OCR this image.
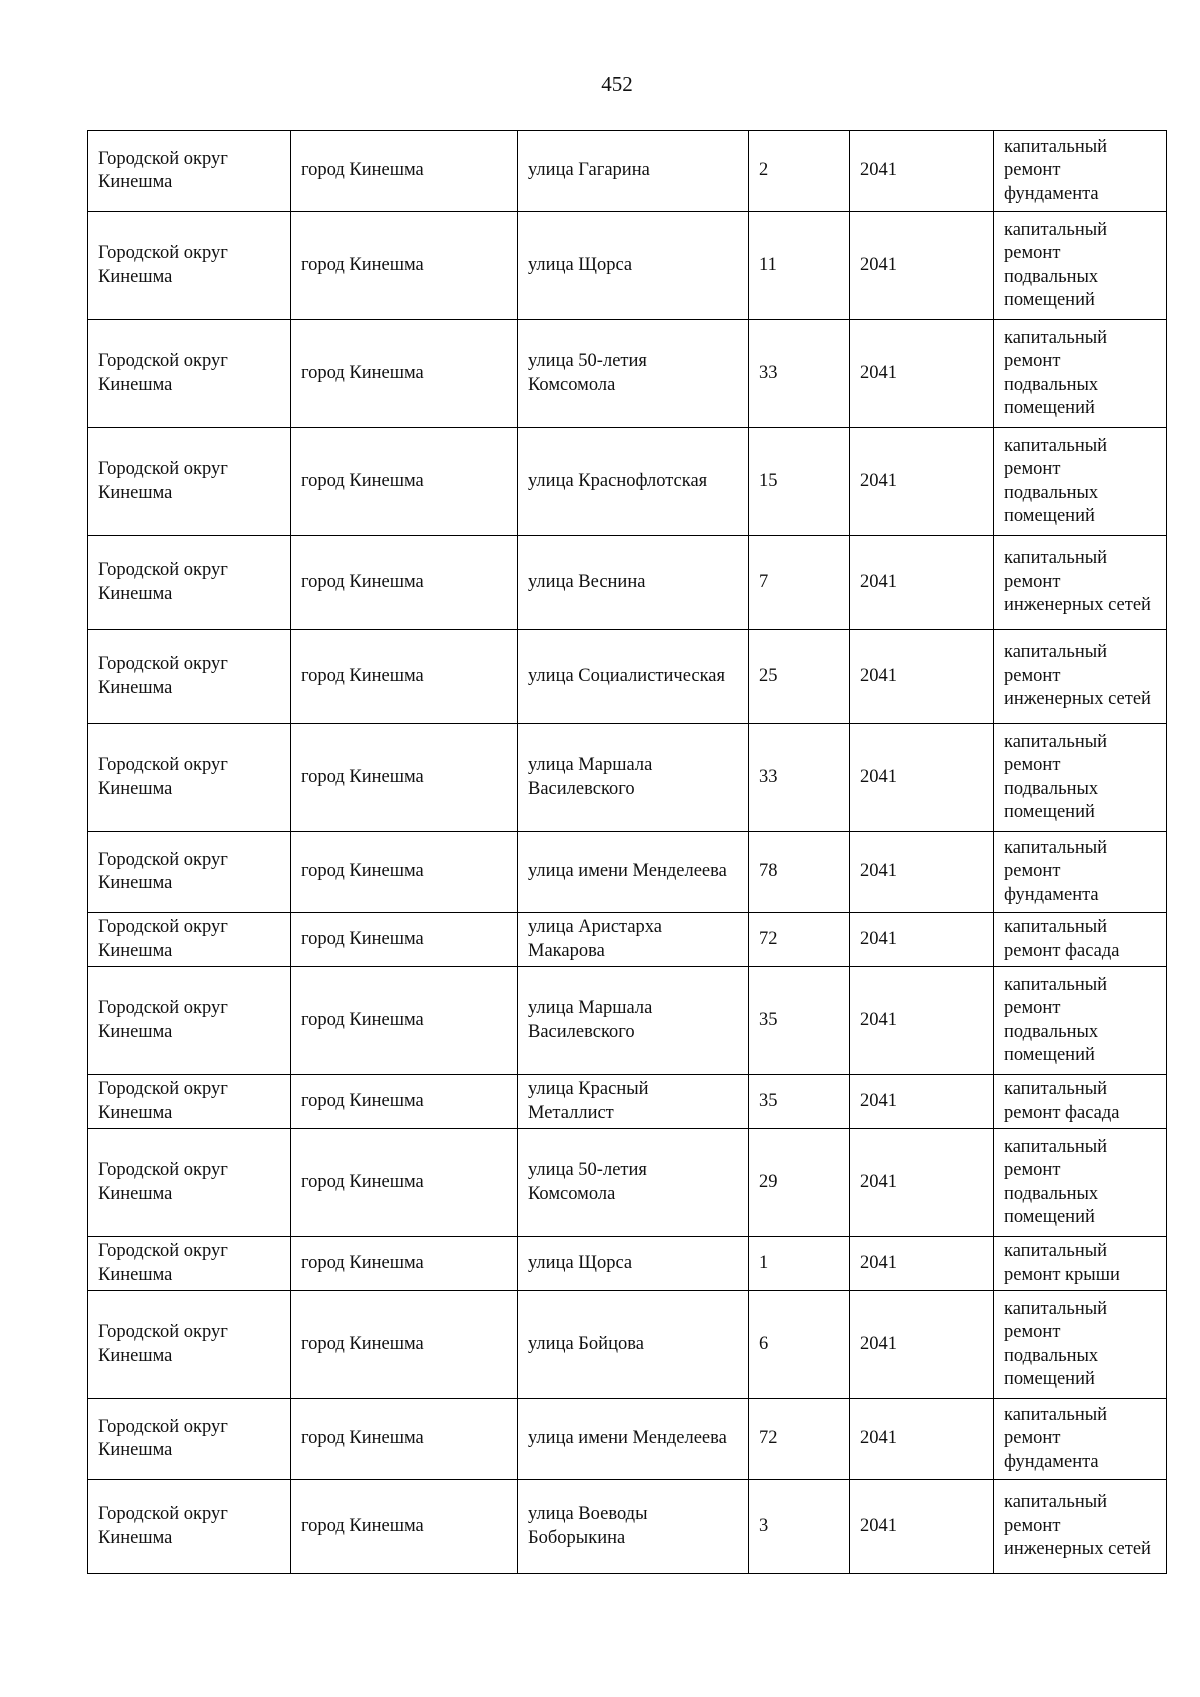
452
Городской округ Кинешма	город Кинешма	улица Гагарина	2	2041	капитальный ремонт фундамента
Городской округ Кинешма	город Кинешма	улица Щорса	11	2041	капитальный ремонт подвальных помещений
Городской округ Кинешма	город Кинешма	улица 50-летия Комсомола	33	2041	капитальный ремонт подвальных помещений
Городской округ Кинешма	город Кинешма	улица Краснофлотская	15	2041	капитальный ремонт подвальных помещений
Городской округ Кинешма	город Кинешма	улица Веснина	7	2041	капитальный ремонт инженерных сетей
Городской округ Кинешма	город Кинешма	улица Социалистическая	25	2041	капитальный ремонт инженерных сетей
Городской округ Кинешма	город Кинешма	улица Маршала Василевского	33	2041	капитальный ремонт подвальных помещений
Городской округ Кинешма	город Кинешма	улица имени Менделеева	78	2041	капитальный ремонт фундамента
Городской округ Кинешма	город Кинешма	улица Аристарха Макарова	72	2041	капитальный ремонт фасада
Городской округ Кинешма	город Кинешма	улица Маршала Василевского	35	2041	капитальный ремонт подвальных помещений
Городской округ Кинешма	город Кинешма	улица Красный Металлист	35	2041	капитальный ремонт фасада
Городской округ Кинешма	город Кинешма	улица 50-летия Комсомола	29	2041	капитальный ремонт подвальных помещений
Городской округ Кинешма	город Кинешма	улица Щорса	1	2041	капитальный ремонт крыши
Городской округ Кинешма	город Кинешма	улица Бойцова	6	2041	капитальный ремонт подвальных помещений
Городской округ Кинешма	город Кинешма	улица имени Менделеева	72	2041	капитальный ремонт фундамента
Городской округ Кинешма	город Кинешма	улица Воеводы Боборыкина	3	2041	капитальный ремонт инженерных сетей
